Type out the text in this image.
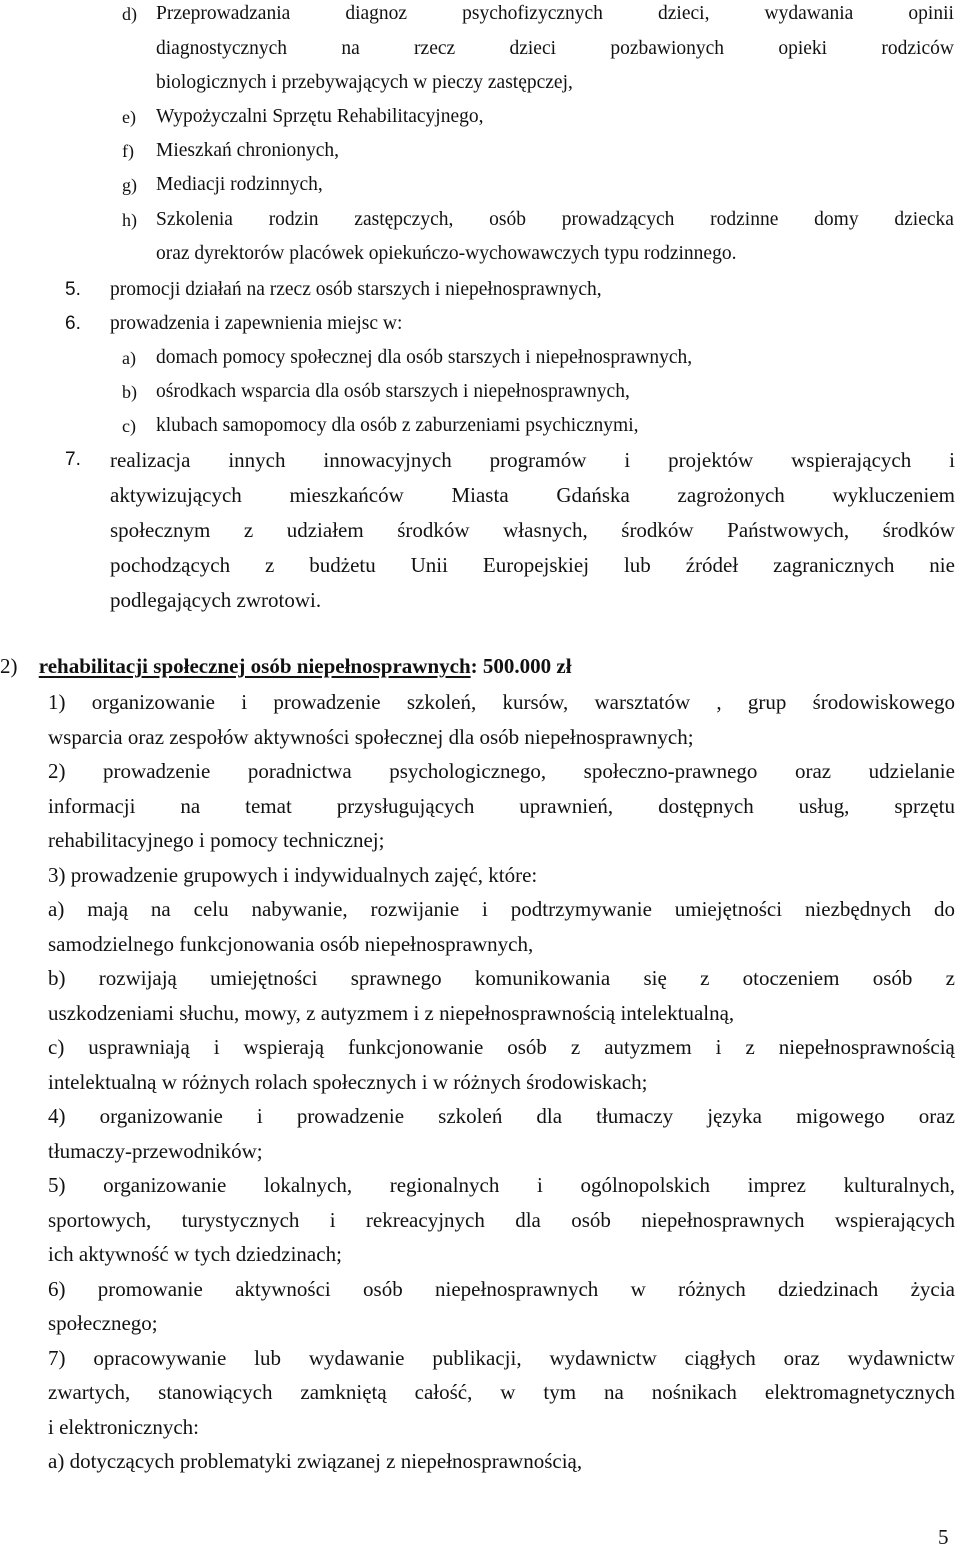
d) Przeprowadzania	diagnoz	psychofizycznych	dzieci,	wydawania	opinii
diagnostycznych	na	rzecz	dzieci	pozbawionych	opieki	rodziców
biologicznych i przebywających w pieczy zastępczej,
e) Wypożyczalni Sprzętu Rehabilitacyjnego,
f) Mieszkań chronionych,
g) Mediacji rodzinnych,
h) Szkolenia rodzin zastępczych, osób prowadzących rodzinne domy dziecka
oraz dyrektorów placówek opiekuńczo-wychowawczych typu rodzinnego.
5. promocji działań na rzecz osób starszych i niepełnosprawnych,
6. prowadzenia i zapewnienia miejsc w:
a) domach pomocy społecznej dla osób starszych i niepełnosprawnych,
b) ośrodkach wsparcia dla osób starszych i niepełnosprawnych,
c) klubach samopomocy dla osób z zaburzeniami psychicznymi,
7. realizacja innych innowacyjnych programów i projektów wspierających i
aktywizujących mieszkańców Miasta Gdańska zagrożonych wykluczeniem
społecznym z udziałem środków własnych, środków Państwowych, środków
pochodzących z budżetu Unii Europejskiej lub źródeł zagranicznych nie
podlegających zwrotowi.
2) rehabilitacji społecznej osób niepełnosprawnych: 500.000 zł
1) organizowanie i prowadzenie szkoleń, kursów, warsztatów , grup środowiskowego
wsparcia oraz zespołów aktywności społecznej dla osób niepełnosprawnych;
2) prowadzenie poradnictwa psychologicznego, społeczno-prawnego oraz udzielanie
informacji na temat przysługujących uprawnień, dostępnych usług, sprzętu
rehabilitacyjnego i pomocy technicznej;
3) prowadzenie grupowych i indywidualnych zajęć, które:
a) mają na celu nabywanie, rozwijanie i podtrzymywanie umiejętności niezbędnych do
samodzielnego funkcjonowania osób niepełnosprawnych,
b) rozwijają umiejętności sprawnego komunikowania się z otoczeniem osób z
uszkodzeniami słuchu, mowy, z autyzmem i z niepełnosprawnością intelektualną,
c) usprawniają i wspierają funkcjonowanie osób z autyzmem i z niepełnosprawnością
intelektualną w różnych rolach społecznych i w różnych środowiskach;
4) organizowanie i prowadzenie szkoleń dla tłumaczy języka migowego oraz
tłumaczy-przewodników;
5) organizowanie lokalnych, regionalnych i ogólnopolskich imprez kulturalnych,
sportowych, turystycznych i rekreacyjnych dla osób niepełnosprawnych wspierających
ich aktywność w tych dziedzinach;
6) promowanie aktywności osób niepełnosprawnych w różnych dziedzinach życia
społecznego;
7) opracowywanie lub wydawanie publikacji, wydawnictw ciągłych oraz wydawnictw
zwartych, stanowiących zamkniętą całość, w tym na nośnikach elektromagnetycznych
i elektronicznych:
a) dotyczących problematyki związanej z niepełnosprawnością,
5
